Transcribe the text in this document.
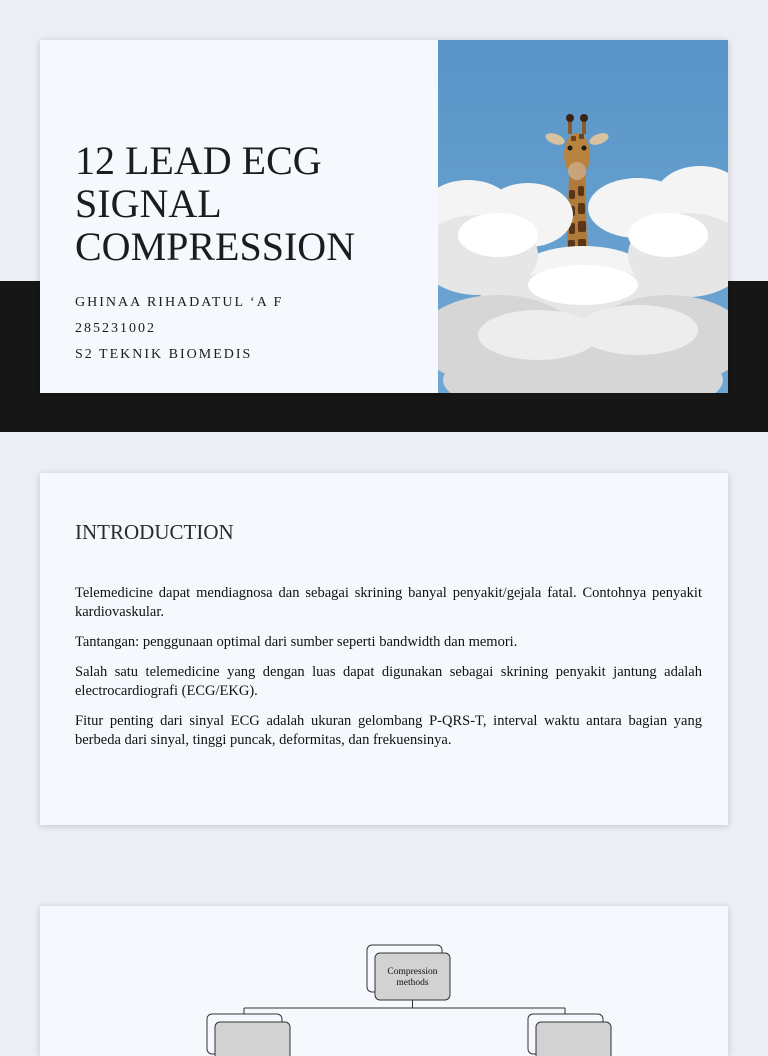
12 LEAD ECG
SIGNAL
COMPRESSION
GHINAA RIHADATUL ‘A F
285231002
S2 TEKNIK BIOMEDIS
INTRODUCTION

Telemedicine dapat mendiagnosa dan sebagai skrining banyal penyakit/gejala fatal. Contohnya penyakit kardiovaskular.

Tantangan: penggunaan optimal dari sumber seperti bandwidth dan memori.

Salah satu telemedicine yang dengan luas dapat digunakan sebagai skrining penyakit jantung adalah electrocardiografi (ECG/EKG).

Fitur penting dari sinyal ECG adalah ukuran gelombang P-QRS-T, interval waktu antara bagian yang berbeda dari sinyal, tinggi puncak, deformitas, dan frekuensinya.

Compression
methods
